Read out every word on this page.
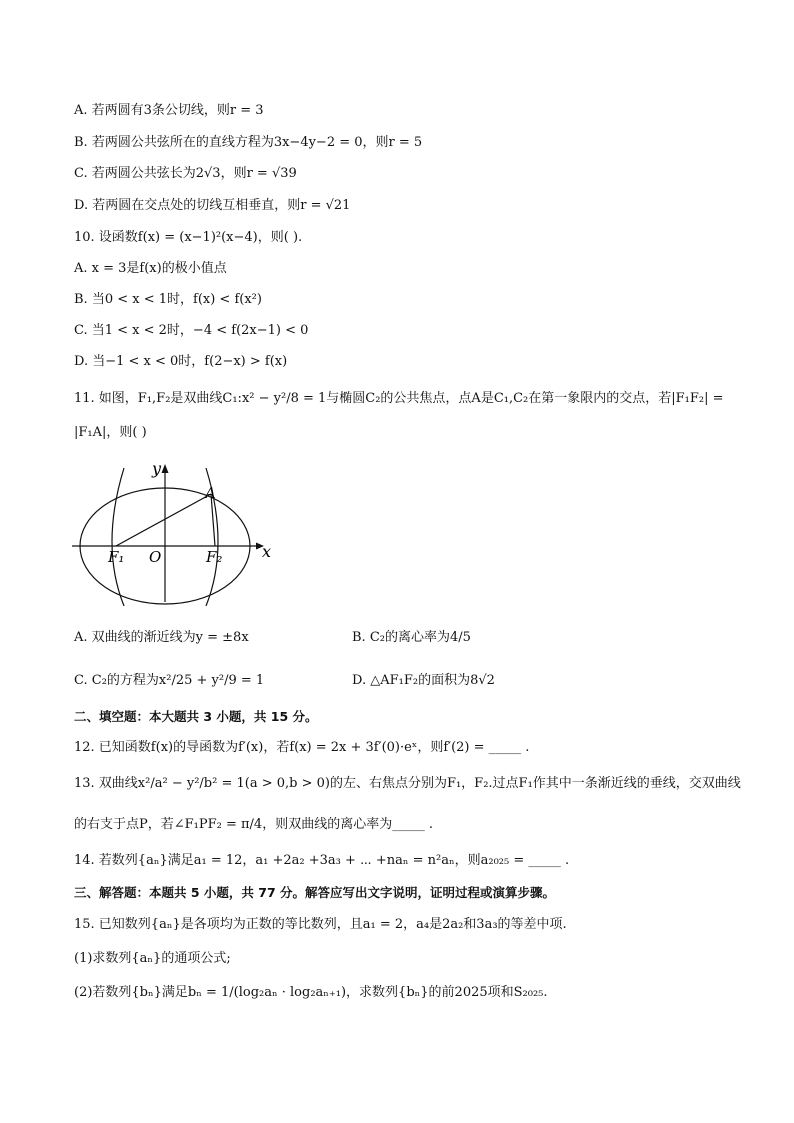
A. 若两圆有3条公切线，则r = 3
B. 若两圆公共弦所在的直线方程为3x−4y−2 = 0，则r = 5
C. 若两圆公共弦长为2√3，则r = √39
D. 若两圆在交点处的切线互相垂直，则r = √21
10. 设函数f(x) = (x−1)²(x−4)，则( ).
A. x = 3是f(x)的极小值点
B. 当0 < x < 1时，f(x) < f(x²)
C. 当1 < x < 2时，−4 < f(2x−1) < 0
D. 当−1 < x < 0时，f(2−x) > f(x)
11. 如图，F₁,F₂是双曲线C₁:x² − y²/8 = 1与椭圆C₂的公共焦点，点A是C₁,C₂在第一象限内的交点，若|F₁F₂| =
|F₁A|，则( )
y
x
A
O
F₁	F₂
A. 双曲线的渐近线为y = ±8x	B. C₂的离心率为4/5
C. C₂的方程为x²/25 + y²/9 = 1	D. △AF₁F₂的面积为8√2
二、填空题：本大题共 3 小题，共 15 分。
12. 已知函数f(x)的导函数为f′(x)，若f(x) = 2x + 3f′(0)·eˣ，则f′(2) = _____ .
13. 双曲线x²/a² − y²/b² = 1(a > 0,b > 0)的左、右焦点分别为F₁，F₂.过点F₁作其中一条渐近线的垂线，交双曲线
的右支于点P，若∠F₁PF₂ = π/4，则双曲线的离心率为_____ .
14. 若数列{aₙ}满足a₁ = 12，a₁ +2a₂ +3a₃ + ⋯ +naₙ = n²aₙ，则a₂₀₂₅ = _____ .
三、解答题：本题共 5 小题，共 77 分。解答应写出文字说明，证明过程或演算步骤。
15. 已知数列{aₙ}是各项均为正数的等比数列，且a₁ = 2，a₄是2a₂和3a₃的等差中项.
(1)求数列{aₙ}的通项公式;
(2)若数列{bₙ}满足bₙ = 1/(log₂aₙ · log₂aₙ₊₁)，求数列{bₙ}的前2025项和S₂₀₂₅.
